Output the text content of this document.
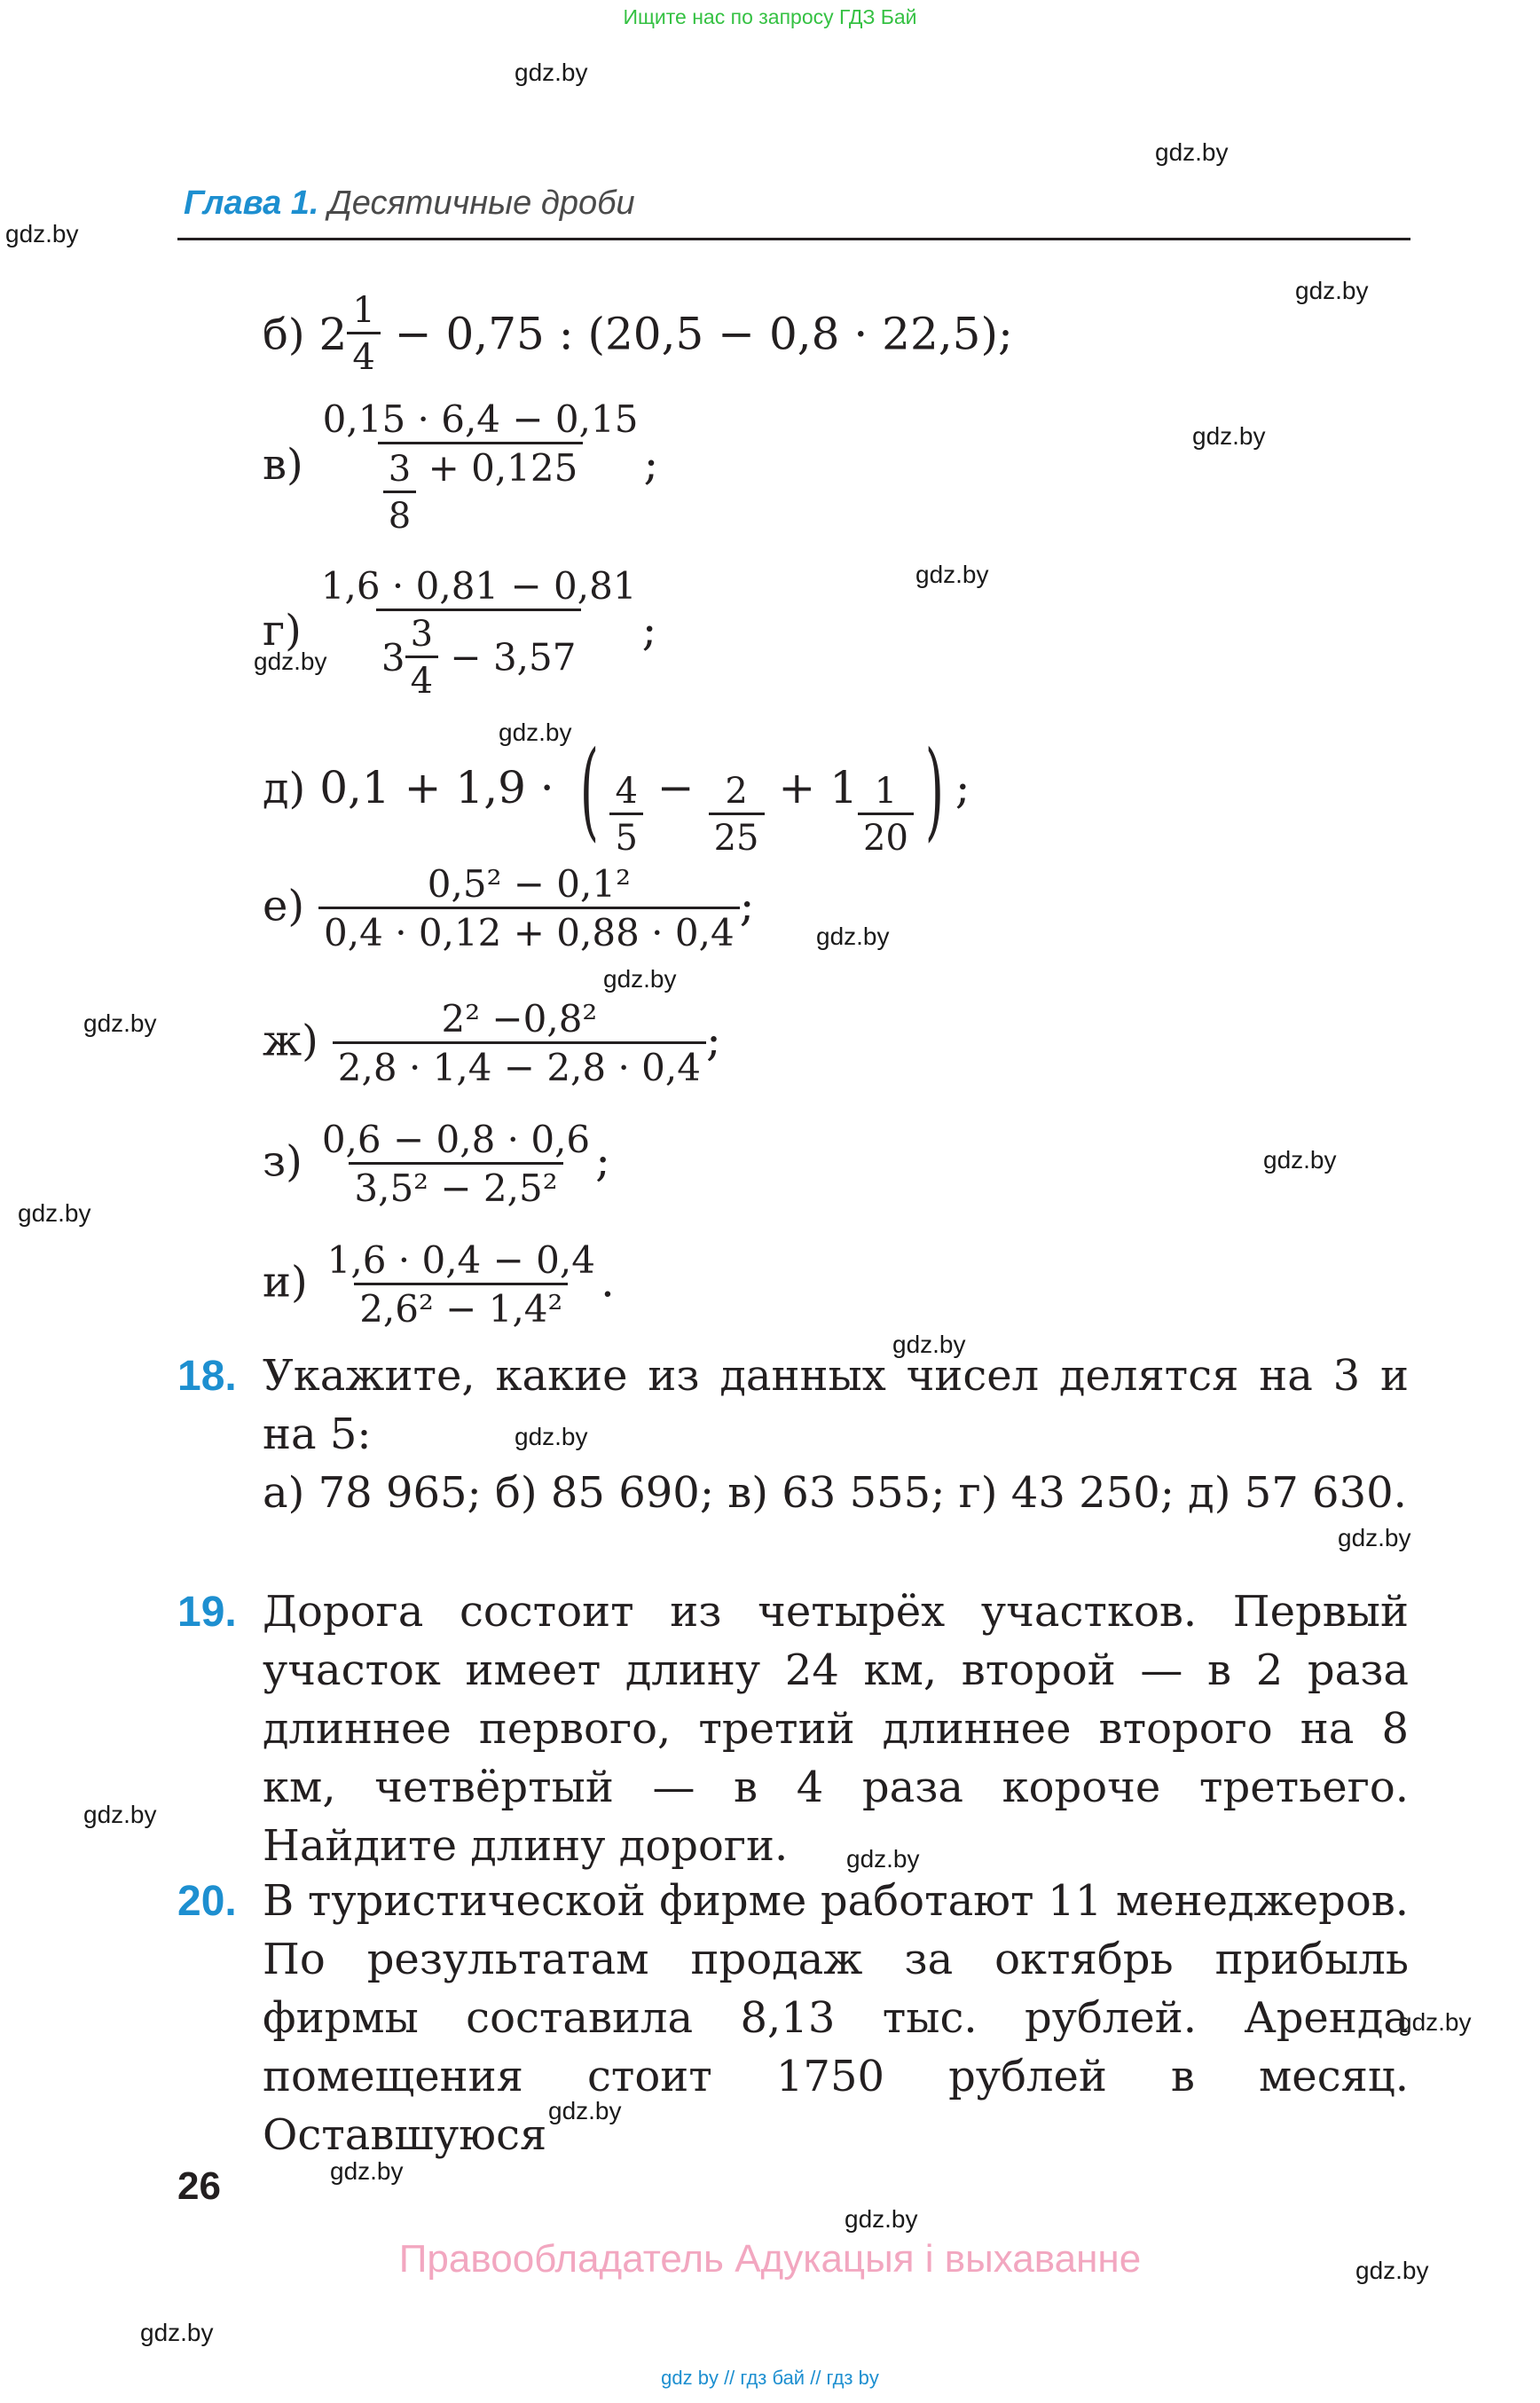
Ищите нас по запросу ГДЗ Бай
gdz.by
gdz.by
gdz.by
gdz.by
gdz.by
gdz.by
gdz.by
gdz.by
gdz.by
gdz.by
gdz.by
gdz.by
gdz.by
gdz.by
gdz.by
gdz.by
gdz.by
gdz.by
gdz.by
gdz.by
gdz.by
gdz.by
gdz.by
gdz.by
Глава 1. Десятичные дроби
б) $2 \frac{1}{4} - 0,75$ : (20,5 − 0,8 · 22,5);
$в) \frac{0,15 \cdot 6,4 - 0,15}{\frac{3}{8} + 0,125}$ ;
$г) \frac{1,6 \cdot 0,81 - 0,81}{3 \frac{3}{4} - 3,57}$ ;
д) 0,1 + 1,9 · ( $\frac{4}{5} - \frac{2}{25} + 1 \frac{1}{20}$ ) ;
$е) \frac{\text{0,5² − 0,1²}}{0,4 \cdot 0,12 + 0,88 \cdot 0,4}$ ;
$ж) \frac{\text{2² −0,8²}}{2,8 \cdot 1,4 - 2,8 \cdot 0,4}$ ;
$з) \frac{0,6 - 0,8 \cdot 0,6}{\text{3,5² − 2,5²}}$ ;
$и) \frac{1,6 \cdot 0,4 - 0,4}{\text{2,6² − 1,4²}}$ .
18. Укажите, какие из данных чисел делятся на 3 и на 5:
а) 78 965; б) 85 690; в) 63 555; г) 43 250; д) 57 630.
19. Дорога состоит из четырёх участков. Первый участок имеет длину 24 км, второй — в 2 раза длиннее первого, третий длиннее второго на 8 км, четвёртый — в 4 раза короче третьего. Найдите длину дороги.
20. В туристической фирме работают 11 менеджеров. По результатам продаж за октябрь прибыль фирмы составила 8,13 тыс. рублей. Аренда помещения стоит 1750 рублей в месяц. Оставшуюся
26
Правообладатель Адукацыя і выхаванне
gdz by // гдз бай // гдз by
